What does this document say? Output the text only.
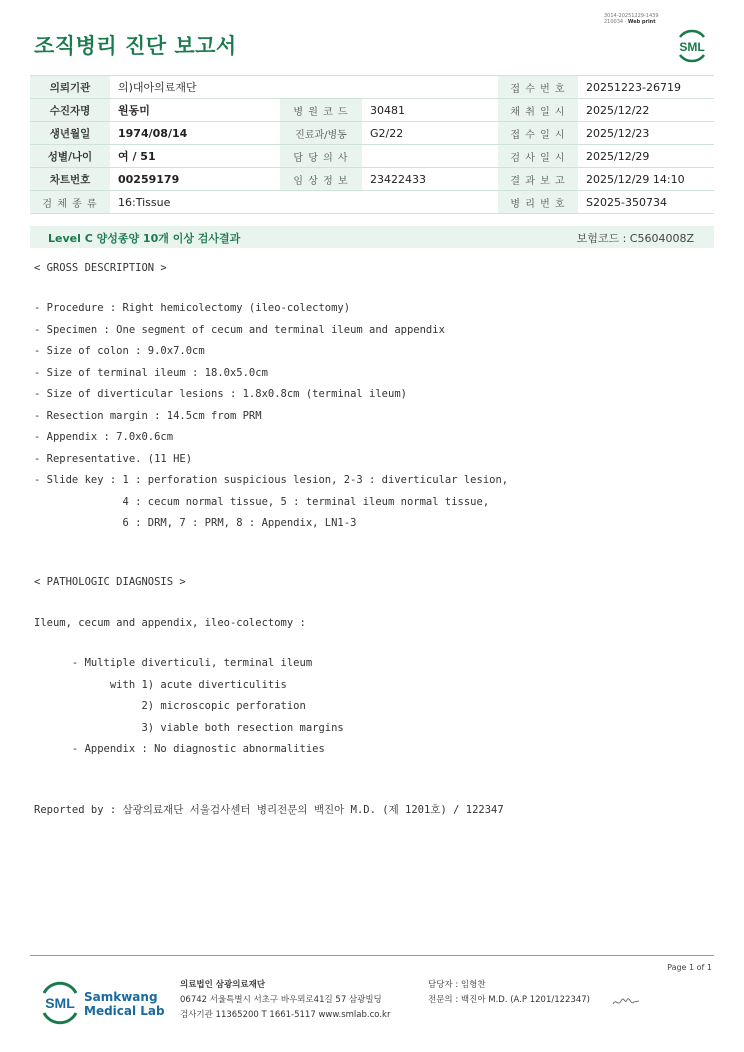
조직병리 진단 보고서
3014-20251229-1439
210034 · Web print
SML
의뢰기관	의)대아의료재단			접 수 번 호	20251223-26719
수진자명	원동미	병 원 코 드	30481	채 취 일 시	2025/12/22
생년월일	1974/08/14	진료과/병동	G2/22	접 수 일 시	2025/12/23
성별/나이	여 / 51	담 당 의 사		검 사 일 시	2025/12/29
차트번호	00259179	임 상 정 보	23422433	결 과 보 고	2025/12/29 14:10
검 체 종 류	16:Tissue			병 리 번 호	S2025-350734
Level C 양성종양 10개 이상 검사결과	보험코드 : C5604008Z
< GROSS DESCRIPTION >
- Procedure : Right hemicolectomy (ileo-colectomy)
- Specimen : One segment of cecum and terminal ileum and appendix
- Size of colon : 9.0x7.0cm
- Size of terminal ileum : 18.0x5.0cm
- Size of diverticular lesions : 1.8x0.8cm (terminal ileum)
- Resection margin : 14.5cm from PRM
- Appendix : 7.0x0.6cm
- Representative. (11 HE)
- Slide key : 1 : perforation suspicious lesion, 2-3 : diverticular lesion,
4 : cecum normal tissue, 5 : terminal ileum normal tissue,
6 : DRM, 7 : PRM, 8 : Appendix, LN1-3
< PATHOLOGIC DIAGNOSIS >
Ileum, cecum and appendix, ileo-colectomy :
- Multiple diverticuli, terminal ileum
with 1) acute diverticulitis
2) microscopic perforation
3) viable both resection margins
- Appendix : No diagnostic abnormalities
Reported by : 삼광의료재단 서울검사센터 병리전문의 백진아 M.D. (제 1201호) / 122347
Page 1 of 1
SML Samkwang
Medical Lab
의료법인 삼광의료재단
06742 서울특별시 서초구 바우뫼로41길 57 삼광빌딩
검사기관 11365200 T 1661-5117 www.smlab.co.kr
담당자 : 임형찬
전문의 : 백진아 M.D. (A.P 1201/122347)
